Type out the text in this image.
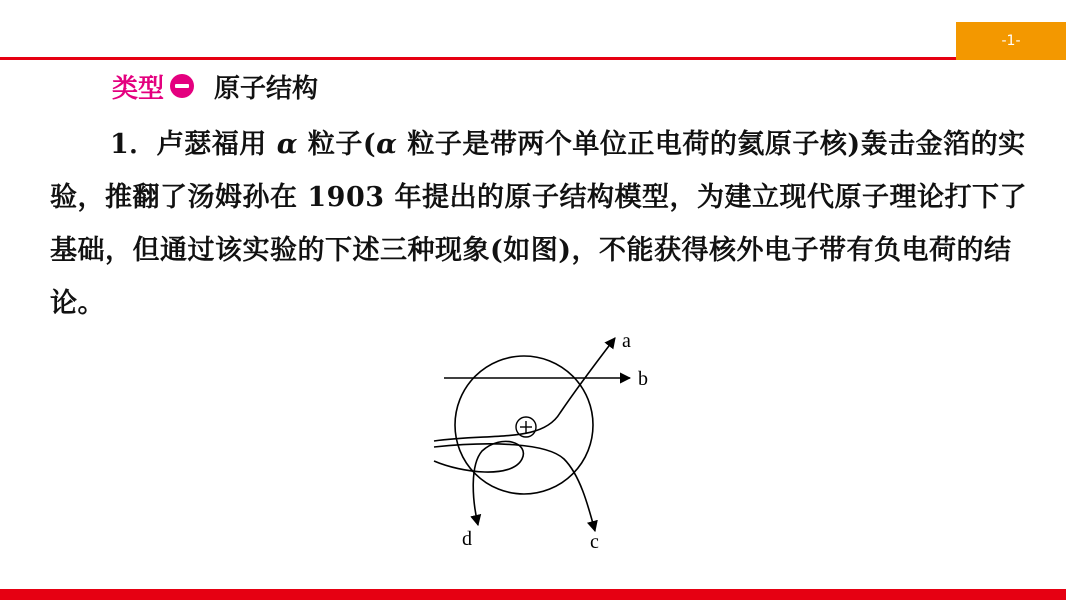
-1-
类型 原子结构
1．卢瑟福用 α 粒子(α 粒子是带两个单位正电荷的氦原子核)轰击金箔的实验，推翻了汤姆孙在 1903 年提出的原子结构模型，为建立现代原子理论打下了基础，但通过该实验的下述三种现象(如图)，不能获得核外电子带有负电荷的结论。
a
b
c
d
